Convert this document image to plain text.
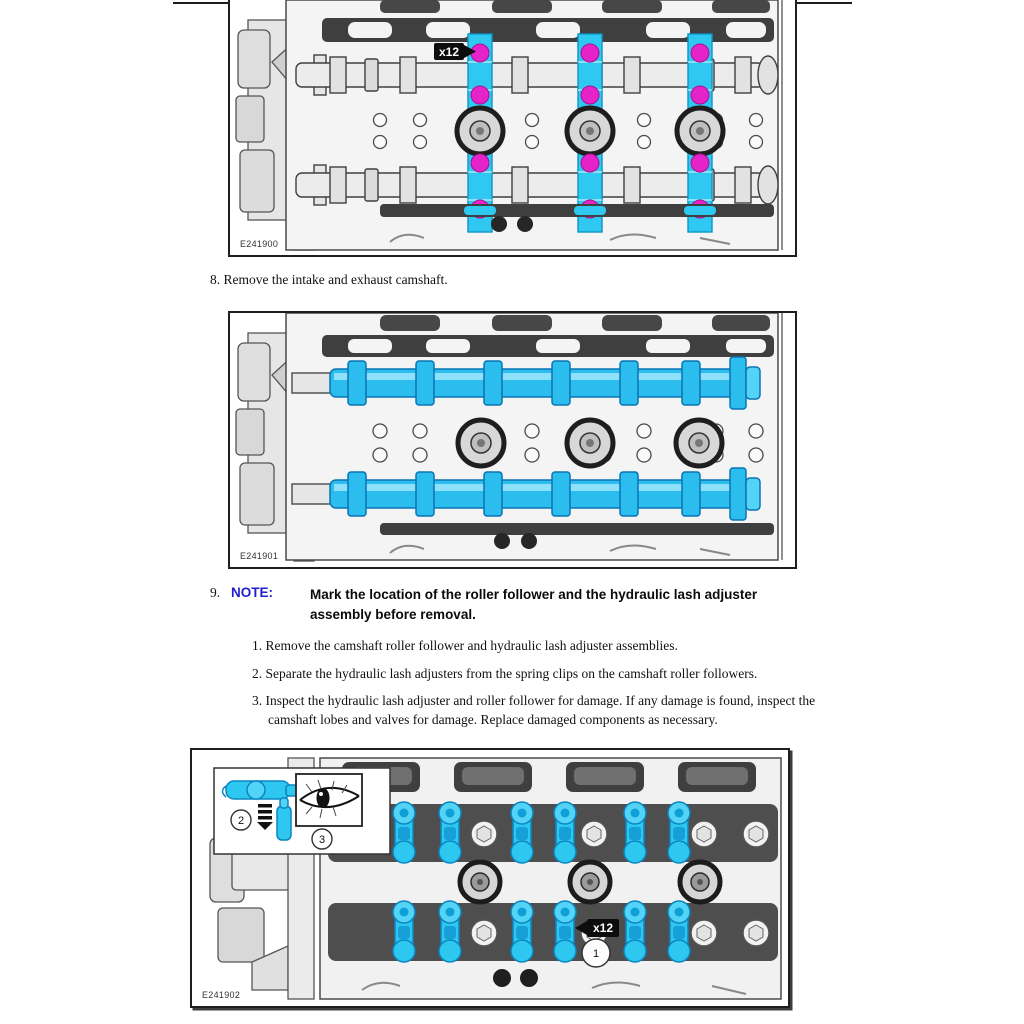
x12
E241900
8. Remove the intake and exhaust camshaft.
E241901
9. NOTE:	Mark the location of the roller follower and the hydraulic lash adjuster assembly before removal.
1. Remove the camshaft roller follower and hydraulic lash adjuster assemblies.
2. Separate the hydraulic lash adjusters from the spring clips on the camshaft roller followers.
3. Inspect the hydraulic lash adjuster and roller follower for damage. If any damage is found, inspect the camshaft lobes and valves for damage. Replace damaged components as necessary.
x12
1
2
3
E241902
